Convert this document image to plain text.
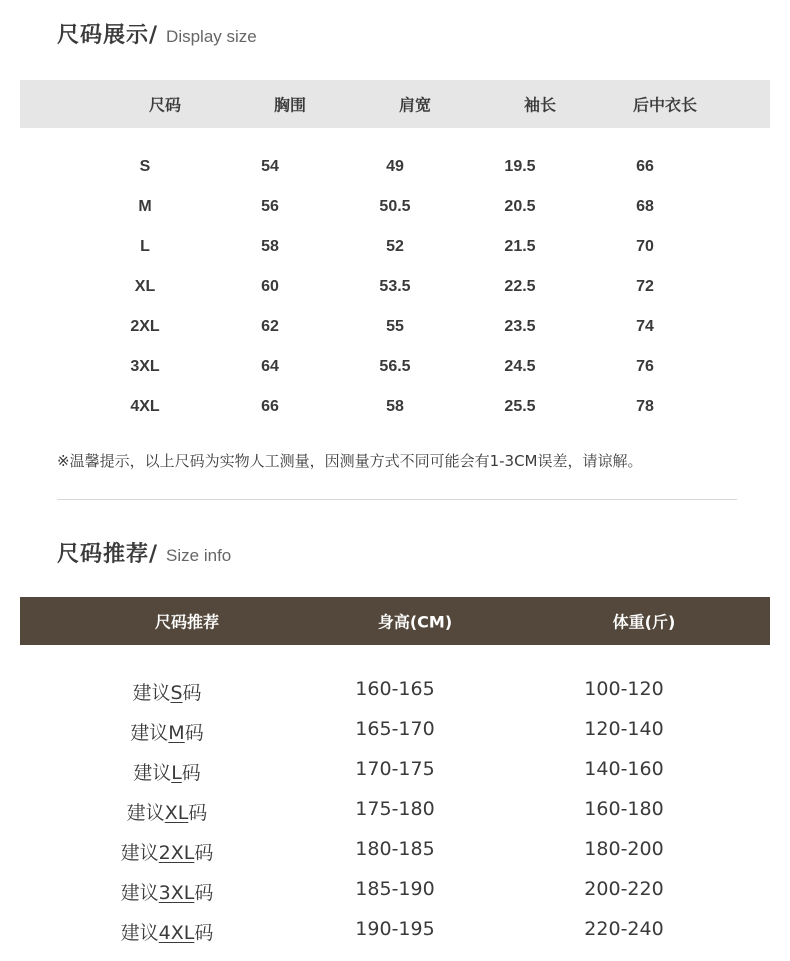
尺码展示/ Display size
尺码	胸围	肩宽	袖长	后中衣长
S	54	49	19.5	66
M	56	50.5	20.5	68
L	58	52	21.5	70
XL	60	53.5	22.5	72
2XL	62	55	23.5	74
3XL	64	56.5	24.5	76
4XL	66	58	25.5	78
※温馨提示，以上尺码为实物人工测量，因测量方式不同可能会有1-3CM误差，请谅解。
尺码推荐/ Size info
尺码推荐	身高(CM)	体重(斤)
建议S码	160-165	100-120
建议M码	165-170	120-140
建议L码	170-175	140-160
建议XL码	175-180	160-180
建议2XL码	180-185	180-200
建议3XL码	185-190	200-220
建议4XL码	190-195	220-240
